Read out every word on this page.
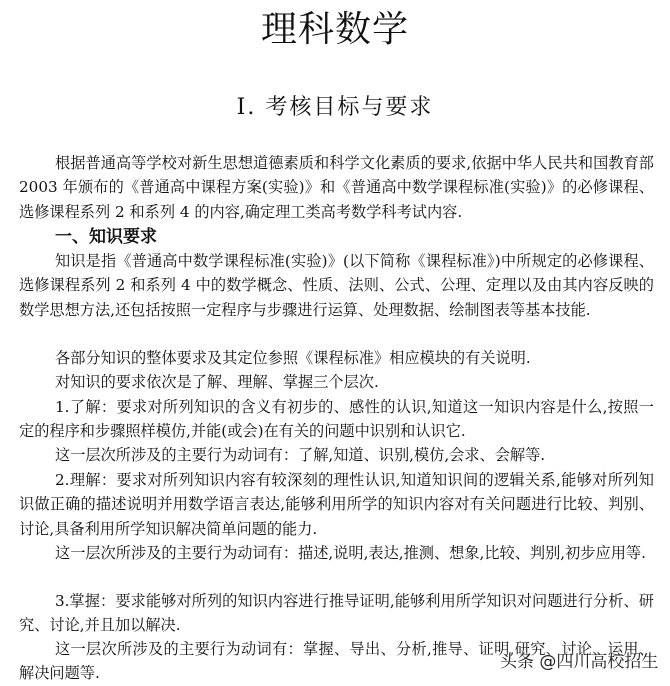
理科数学
Ⅰ. 考核目标与要求

根据普通高等学校对新生思想道德素质和科学文化素质的要求,依据中华人民共和国教育部 2003 年颁布的《普通高中课程方案(实验)》和《普通高中数学课程标准(实验)》的必修课程、选修课程系列 2 和系列 4 的内容,确定理工类高考数学科考试内容.

一、知识要求

知识是指《普通高中数学课程标准(实验)》(以下简称《课程标准》)中所规定的必修课程、选修课程系列 2 和系列 4 中的数学概念、性质、法则、公式、公理、定理以及由其内容反映的数学思想方法,还包括按照一定程序与步骤进行运算、处理数据、绘制图表等基本技能.

各部分知识的整体要求及其定位参照《课程标准》相应模块的有关说明.

对知识的要求依次是了解、理解、掌握三个层次.

1.了解：要求对所列知识的含义有初步的、感性的认识,知道这一知识内容是什么,按照一定的程序和步骤照样模仿,并能(或会)在有关的问题中识别和认识它.

这一层次所涉及的主要行为动词有：了解,知道、识别,模仿,会求、会解等.

2.理解：要求对所列知识内容有较深刻的理性认识,知道知识间的逻辑关系,能够对所列知识做正确的描述说明并用数学语言表达,能够利用所学的知识内容对有关问题进行比较、判别、讨论,具备利用所学知识解决简单问题的能力.

这一层次所涉及的主要行为动词有：描述,说明,表达,推测、想象,比较、判别,初步应用等.

3.掌握：要求能够对所列的知识内容进行推导证明,能够利用所学知识对问题进行分析、研究、讨论,并且加以解决.

这一层次所涉及的主要行为动词有：掌握、导出、分析,推导、证明,研究、讨论、运用、解决问题等.

头条 @四川高校招生
